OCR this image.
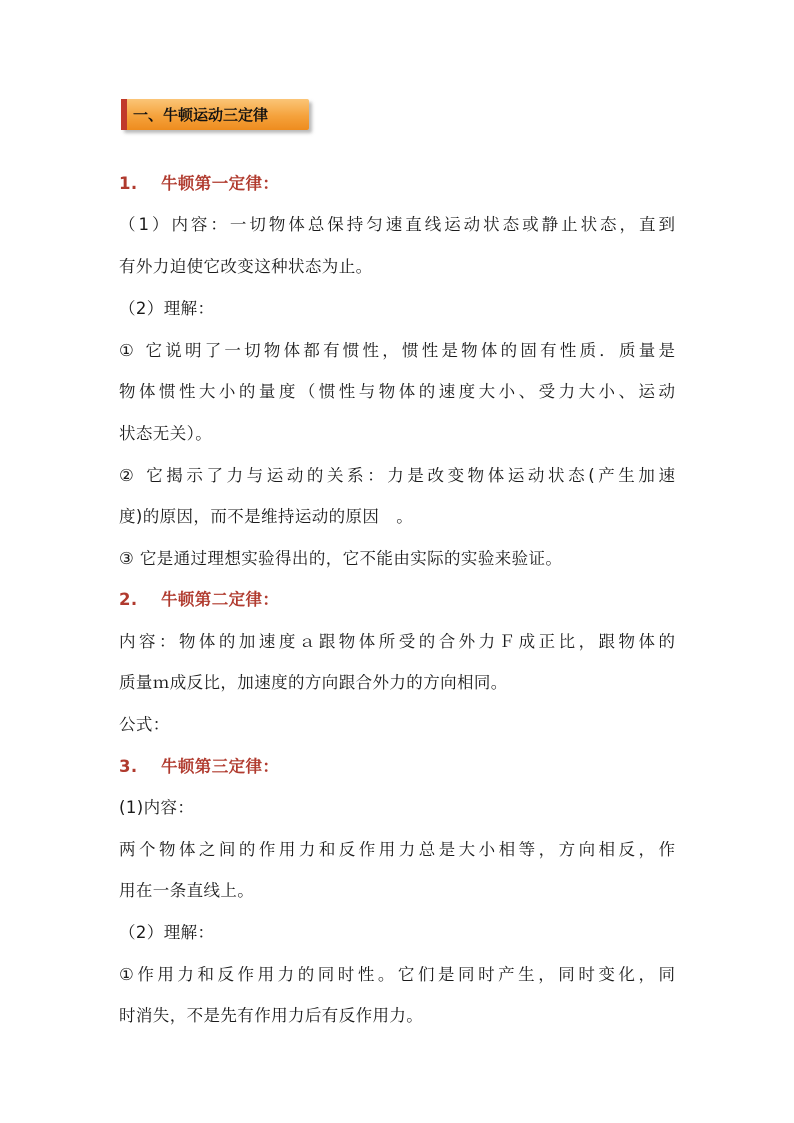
一、牛顿运动三定律
1. 牛顿第一定律：
（1）内容：一切物体总保持匀速直线运动状态或静止状态，直到
有外力迫使它改变这种状态为止。
（2）理解：
① 它说明了一切物体都有惯性，惯性是物体的固有性质．质量是
物体惯性大小的量度（惯性与物体的速度大小、受力大小、运动
状态无关）。
② 它揭示了力与运动的关系：力是改变物体运动状态(产生加速
度)的原因，而不是维持运动的原因　。
③ 它是通过理想实验得出的，它不能由实际的实验来验证。
2. 牛顿第二定律：
内容：物体的加速度ａ跟物体所受的合外力Ｆ成正比，跟物体的
质量ｍ成反比，加速度的方向跟合外力的方向相同。
公式：
3. 牛顿第三定律：
(1)内容：
两个物体之间的作用力和反作用力总是大小相等，方向相反，作
用在一条直线上。
（2）理解：
①作用力和反作用力的同时性。它们是同时产生，同时变化，同
时消失，不是先有作用力后有反作用力。
